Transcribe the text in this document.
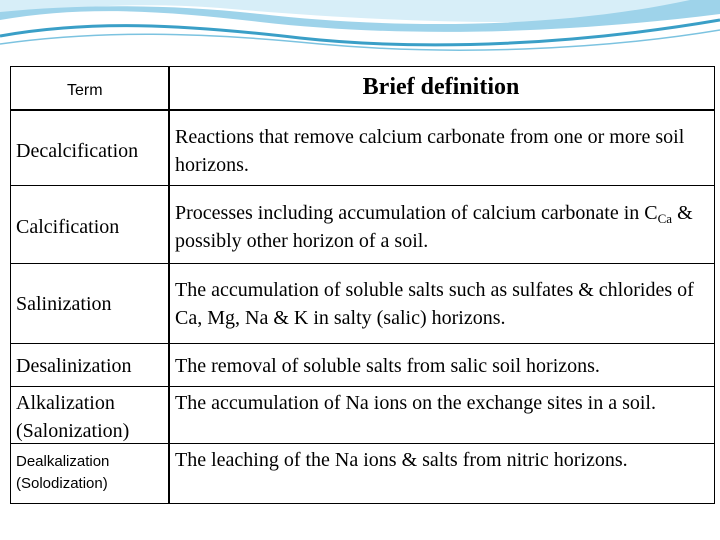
Term	Brief definition
Decalcification
Reactions that remove calcium carbonate from one or more soil horizons.
Calcification
Processes including accumulation of calcium carbonate in $C_{Ca}$ & possibly other horizon of a soil.
Salinization
The accumulation of soluble salts such as sulfates & chlorides of Ca, Mg, Na & K in salty (salic) horizons.
Desalinization	The removal of soluble salts from salic soil horizons.
Alkalization (Salonization)
The accumulation of Na ions on the exchange sites in a soil.
Dealkalization (Solodization)
The leaching of the Na ions & salts from nitric horizons.
